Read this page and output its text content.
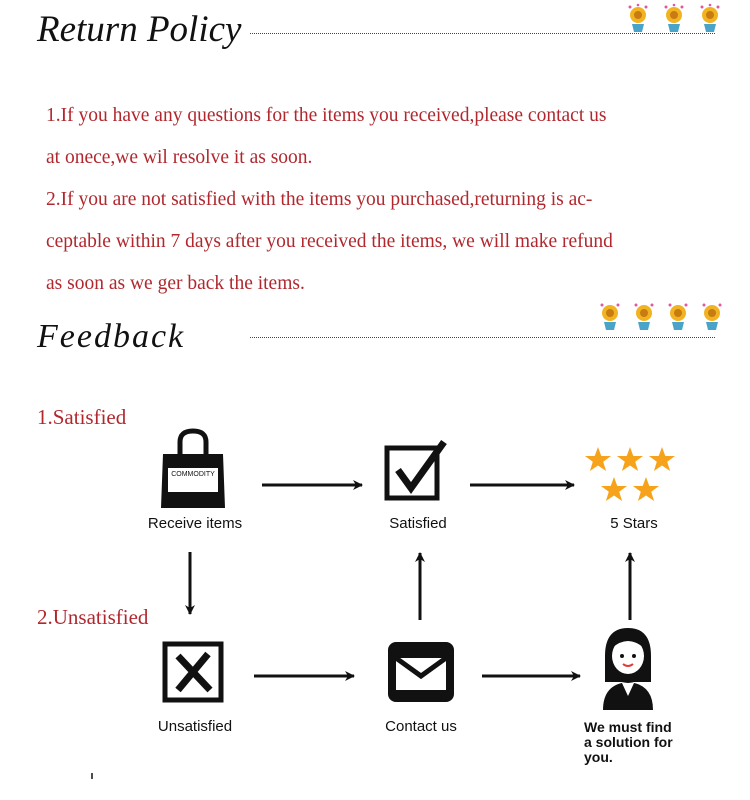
Return Policy
1.If you have any questions for the items you received,please contact us
at onece,we wil resolve it as soon.
2.If you are not satisfied with the items you purchased,returning is ac-
ceptable within 7 days after you received the items, we will make refund
as soon as we ger back the items.
Feedback
1.Satisfied
2.Unsatisfied
COMMODITY
Receive items	Satisfied	5 Stars
Unsatisfied	Contact us	We must find
a solution for
you.
